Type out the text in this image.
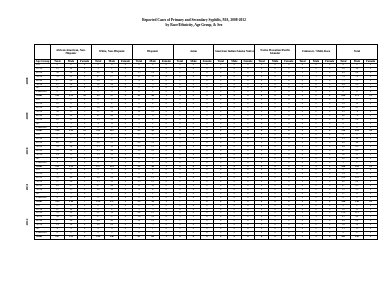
Reported Cases of Primary and Secondary Syphilis, MA, 2008-2012
by Race/Ethnicity, Age Group, & Sex
	African American, Non-Hispanic			White, Non-Hispanic			Hispanic			Asian			American Indian/Alaska Native			Native Hawaiian/Pacific Islander			Unknown / Multi-Race			Total		
Age Group	Total	Male	Female	Total	Male	Female	Total	Male	Female	Total	Male	Female	Total	Male	Female	Total	Male	Female	Total	Male	Female	Total	Male	Female
0-9	0	0	0	0	0	0	0	0	0	0	0	0	0	0	0	0	0	0	0	0	0	0	0	0
10-19	12	10	2	1	1	0	3	3	0	0	0	0	0	0	0	0	0	0	0	0	0	16	14	2
20-29	56	52	4	20	19	1	15	14	1	2	2	0	0	0	0	0	0	0	1	1	0	94	88	6
30-39	33	31	2	27	27	0	11	11	0	2	2	0	0	0	0	0	0	0	1	1	0	74	72	2
40-49	27	26	1	38	37	1	9	9	0	1	1	0	0	0	0	0	0	0	0	0	0	75	73	2
50-59	11	10	1	10	10	0	3	3	0	0	0	0	0	0	0	0	0	0	0	0	0	24	23	1
60+	2	2	0	3	3	0	0	0	0	0	0	0	0	0	0	0	0	0	0	0	0	5	5	0
Unknown	0	0	0	0	0	0	0	0	0	0	0	0	0	0	0	0	0	0	0	0	0	0	0	0
Total	141	131	10	99	97	2	41	40	1	5	5	0	0	0	0	0	0	0	2	2	0	288	275	13
0-9	0	0	0	0	0	0	0	0	0	0	0	0	0	0	0	0	0	0	0	0	0	0	0	0
10-19	10	8	2	2	2	0	2	2	0	0	0	0	0	0	0	0	0	0	0	0	0	14	12	2
20-29	52	47	5	24	23	1	18	17	1	3	3	0	0	0	0	0	0	0	1	1	0	98	91	7
30-39	38	35	3	31	30	1	12	12	0	2	2	0	0	0	0	0	0	0	0	0	0	83	79	4
40-49	29	28	1	41	40	1	8	8	0	1	1	0	0	0	0	0	0	0	1	1	0	80	78	2
50-59	12	11	1	13	13	0	2	2	0	0	0	0	0	0	0	0	0	0	0	0	0	27	26	1
60+	3	3	0	4	4	0	1	1	0	0	0	0	0	0	0	0	0	0	0	0	0	8	8	0
Unknown	0	0	0	0	0	0	0	0	0	0	0	0	0	0	0	0	0	0	0	0	0	0	0	0
Total	144	132	12	115	112	3	43	42	1	6	6	0	0	0	0	0	0	0	2	2	0	310	294	16
0-9	0	0	0	0	0	0	0	0	0	0	0	0	0	0	0	0	0	0	0	0	0	0	0	0
10-19	8	7	1	2	2	0	3	3	0	0	0	0	0	0	0	0	0	0	0	0	0	13	12	1
20-29	48	45	3	26	25	1	20	19	1	3	3	0	0	0	0	0	0	0	2	2	0	99	94	5
30-39	35	34	1	33	33	0	13	13	0	2	2	0	0	0	0	0	0	0	1	1	0	84	83	1
40-49	31	30	1	45	44	1	10	10	0	1	1	0	0	0	0	0	0	0	0	0	0	87	85	2
50-59	14	13	1	15	15	0	3	3	0	0	0	0	0	0	0	0	0	0	0	0	0	32	31	1
60+	4	4	0	6	6	0	0	0	0	0	0	0	0	0	0	0	0	0	0	0	0	10	10	0
Unknown	1	1	0	0	0	0	0	0	0	0	0	0	0	0	0	0	0	0	0	0	0	1	1	0
Total	141	134	7	127	125	2	49	48	1	6	6	0	0	0	0	0	0	0	3	3	0	326	316	10
0-9	0	0	0	0	0	0	0	0	0	0	0	0	0	0	0	0	0	0	0	0	0	0	0	0
10-19	9	8	1	3	3	0	2	2	0	0	0	0	0	0	0	0	0	0	0	0	0	14	13	1
20-29	53	49	4	29	28	1	22	21	1	4	4	0	0	0	0	0	0	0	1	1	0	109	103	6
30-39	37	36	1	35	35	0	15	15	0	2	2	0	0	0	0	0	0	0	1	1	0	90	89	1
40-49	28	27	1	47	46	1	11	11	0	1	1	0	0	0	0	0	0	0	0	0	0	87	85	2
50-59	13	13	0	18	18	0	4	4	0	0	0	0	0	0	0	0	0	0	0	0	0	35	35	0
60+	3	3	0	7	7	0	1	1	0	0	0	0	0	0	0	0	0	0	0	0	0	11	11	0
Unknown	0	0	0	0	0	0	0	0	0	0	0	0	0	0	0	0	0	0	0	0	0	0	0	0
Total	143	136	7	139	137	2	55	54	1	7	7	0	0	0	0	0	0	0	2	2	0	346	336	10
0-9	0	0	0	0	0	0	0	0	0	0	0	0	0	0	0	0	0	0	0	0	0	0	0	0
10-19	11	10	1	2	2	0	3	3	0	0	0	0	0	0	0	0	0	0	0	0	0	16	15	1
20-29	55	52	3	31	30	1	24	23	1	4	4	0	0	0	0	0	0	0	2	2	0	116	111	5
30-39	36	35	1	37	37	0	16	16	0	3	3	0	0	0	0	0	0	0	1	1	0	93	92	1
40-49	27	26	1	44	43	1	12	12	0	1	1	0	0	0	0	0	0	0	0	0	0	84	82	2
50-59	14	14	0	20	20	0	5	5	0	0	0	0	0	0	0	0	0	0	0	0	0	39	39	0
60+	4	4	0	8	8	0	1	1	0	0	0	0	0	0	0	0	0	0	0	0	0	13	13	0
Unknown	0	0	0	0	0	0	0	0	0	0	0	0	0	0	0	0	0	0	0	0	0	0	0	0
Total	147	141	6	142	140	2	61	60	1	8	8	0	0	0	0	0	0	0	3	3	0	361	352	9
2008
2009
2010
2011
2012
